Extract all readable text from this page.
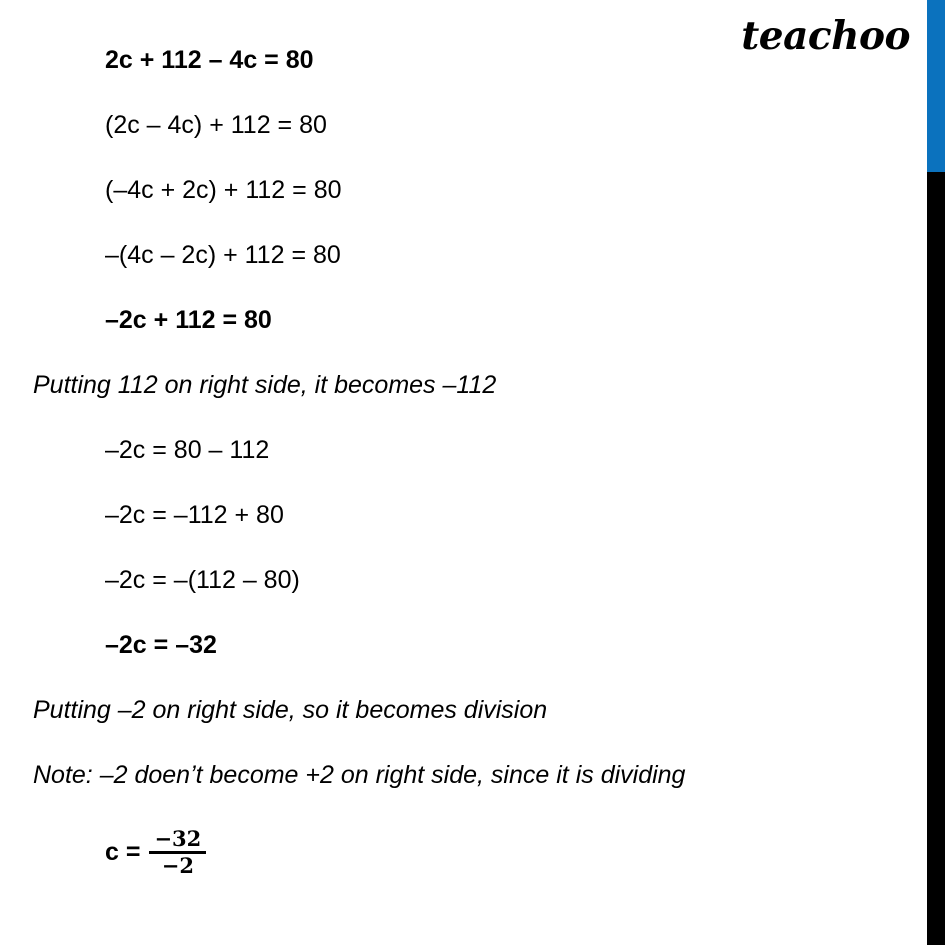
teachoo
2c + 112 – 4c = 80
(2c – 4c) + 112 = 80
(–4c + 2c) + 112 = 80
–(4c – 2c) + 112 = 80
–2c + 112 = 80
Putting 112 on right side, it becomes –112
–2c = 80 – 112
–2c = –112 + 80
–2c = –(112 – 80)
–2c = –32
Putting –2 on right side, so it becomes division
Note: –2 doen’t become +2 on right side, since it is dividing
$c = \frac{-32}{-2}$
